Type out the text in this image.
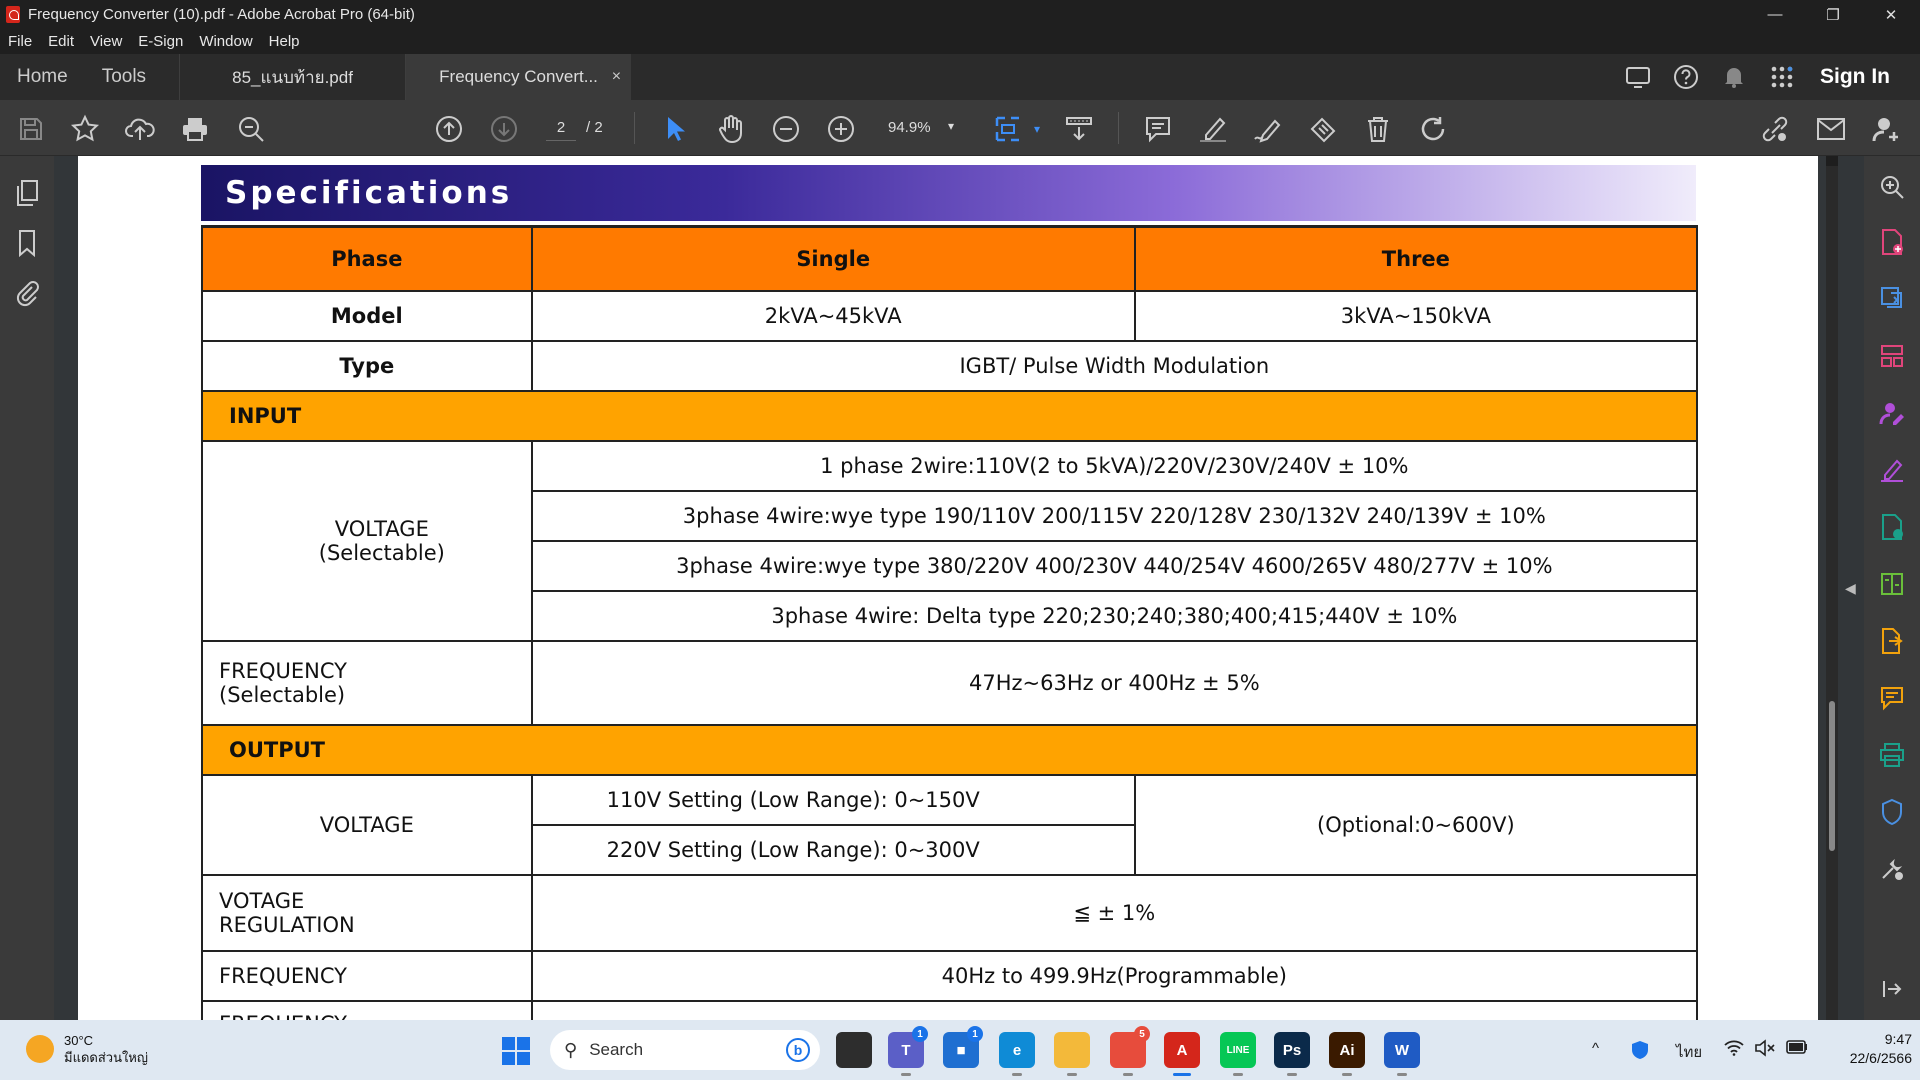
Frequency Converter (10).pdf - Adobe Acrobat Pro (64-bit)	—	❐	✕
File Edit View E-Sign Window Help
Home	Tools	85_แนบท้าย.pdf	Frequency Convert... ×	Sign In
2	/ 2	94.9% ▾	▾
Specifications
Phase	Single	Three
Model	2kVA~45kVA	3kVA~150kVA
Type	IGBT/ Pulse Width Modulation	
INPUT		

VOLTAGE
(Selectable)	1 phase 2wire:110V(2 to 5kVA)/220V/230V/240V ± 10%	
	3phase 4wire:wye type 190/110V 200/115V 220/128V 230/132V 240/139V ± 10%	
	3phase 4wire:wye type 380/220V 400/230V 440/254V 4600/265V 480/277V ± 10%	
	3phase 4wire: Delta type 220;230;240;380;400;415;440V ± 10%	

FREQUENCY
(Selectable)	47Hz~63Hz or 400Hz ± 5%	
OUTPUT		
VOLTAGE	110V Setting (Low Range): 0~150V	(Optional:0~600V)
	220V Setting (Low Range): 0~300V	

VOTAGE
REGULATION	≦ ± 1%	
FREQUENCY	40Hz to 499.9Hz(Programmable)	

◀
30°C
มีแดดส่วนใหญ่	⚲ Search	b	T
1
■
1
e
5
A	LINE Ps	Ai	W	^	ไทย
9:47
22/6/2566
